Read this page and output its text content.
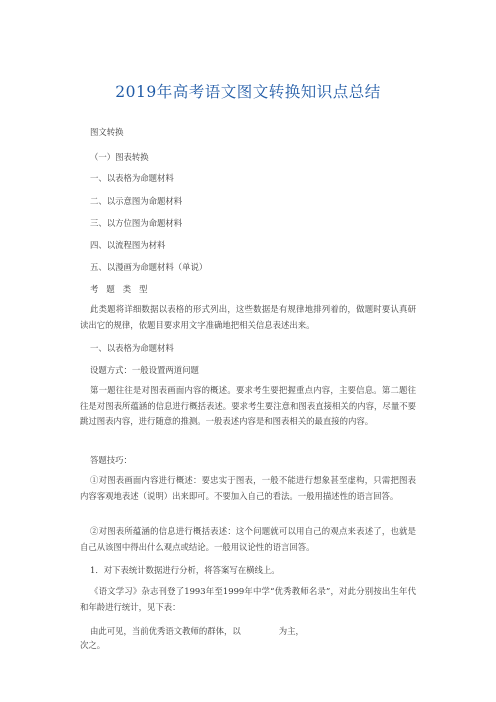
2019年高考语文图文转换知识点总结
图文转换
（一）图表转换
一、以表格为命题材料
二、以示意图为命题材料
三、以方位图为命题材料
四、以流程图为材料
五、以漫画为命题材料（单说）
考 题 类 型
此类题将详细数据以表格的形式列出，这些数据是有规律地排列着的，做题时要认真研读出它的规律，依题目要求用文字准确地把相关信息表述出来。
一、以表格为命题材料
设题方式：一般设置两道问题
第一题往往是对图表画面内容的概述。要求考生要把握重点内容，主要信息。第二题往往是对图表所蕴涵的信息进行概括表述。要求考生要注意和图表直接相关的内容，尽量不要跳过图表内容，进行随意的推测。一般表述内容是和图表相关的最直接的内容。
答题技巧：
①对图表画面内容进行概述：要忠实于图表，一般不能进行想象甚至虚构，只需把图表内容客观地表述（说明）出来即可。不要加入自己的看法。一般用描述性的语言回答。
②对图表所蕴涵的信息进行概括表述：这个问题就可以用自己的观点来表述了，也就是自己从该图中得出什么观点或结论。一般用议论性的语言回答。
1．对下表统计数据进行分析，将答案写在横线上。
《语文学习》杂志刊登了1993年至1999年中学“优秀教师名录”，对此分别按出生年代和年龄进行统计，见下表：
由此可见，当前优秀语文教师的群体，以	为主，
次之。
